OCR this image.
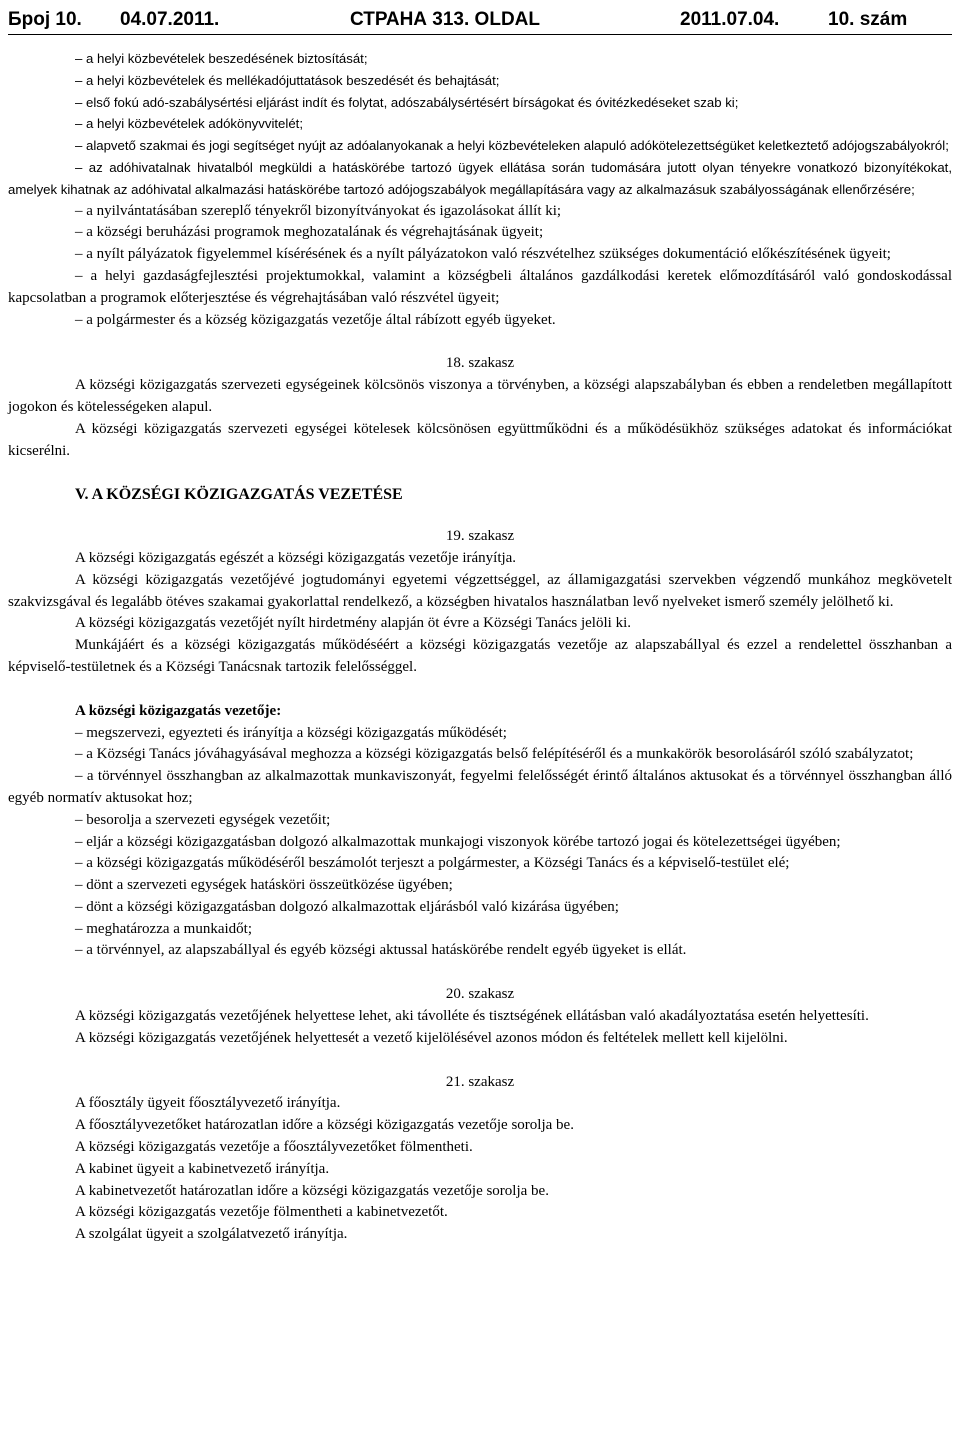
Број 10. 04.07.2011.	СТРАНА 313. OLDAL	2011.07.04.	10. szám

– a helyi közbevételek beszedésének biztosítását;

– a helyi közbevételek és mellékadójuttatások beszedését és behajtását;

– első fokú adó-szabálysértési eljárást indít és folytat, adószabálysértésért bírságokat és óvitézkedéseket szab ki;

– a helyi közbevételek adókönyvvitelét;

– alapvető szakmai és jogi segítséget nyújt az adóalanyokanak a helyi közbevételeken alapuló adókötelezettségüket keletkeztető adójogszabályokról;

– az adóhivatalnak hivatalból megküldi a hatáskörébe tartozó ügyek ellátása során tudomására jutott olyan tényekre vonatkozó bizonyítékokat, amelyek kihatnak az adóhivatal alkalmazási hatáskörébe tartozó adójogszabályok megállapítására vagy az alkalmazásuk szabályosságának ellenőrzésére;

– a nyilvántatásában szereplő tényekről bizonyítványokat és igazolásokat állít ki;

– a községi beruházási programok meghozatalának és végrehajtásának ügyeit;

– a nyílt pályázatok figyelemmel kísérésének és a nyílt pályázatokon való részvételhez szükséges dokumentáció előkészítésének ügyeit;

– a helyi gazdaságfejlesztési projektumokkal, valamint a községbeli általános gazdálkodási keretek előmozdításáról való gondoskodással kapcsolatban a programok előterjesztése és végrehajtásában való részvétel ügyeit;

– a polgármester és a község közigazgatás vezetője által rábízott egyéb ügyeket.

18. szakasz

A községi közigazgatás szervezeti egységeinek kölcsönös viszonya a törvényben, a községi alapszabályban és ebben a rendeletben megállapított jogokon és kötelességeken alapul.

A községi közigazgatás szervezeti egységei kötelesek kölcsönösen együttműködni és a működésükhöz szükséges adatokat és információkat kicserélni.

V. A KÖZSÉGI KÖZIGAZGATÁS VEZETÉSE

19. szakasz

A községi közigazgatás egészét a községi közigazgatás vezetője irányítja.

A községi közigazgatás vezetőjévé jogtudományi egyetemi végzettséggel, az államigazgatási szervekben végzendő munkához megkövetelt szakvizsgával és legalább ötéves szakamai gyakorlattal rendelkező, a községben hivatalos használatban levő nyelveket ismerő személy jelölhető ki.

A községi közigazgatás vezetőjét nyílt hirdetmény alapján öt évre a Községi Tanács jelöli ki.

Munkájáért és a községi közigazgatás működéséért a községi közigazgatás vezetője az alapszabállyal és ezzel a rendelettel összhanban a képviselő-testületnek és a Községi Tanácsnak tartozik felelősséggel.

A községi közigazgatás vezetője:

– megszervezi, egyezteti és irányítja a községi közigazgatás működését;

– a Községi Tanács jóváhagyásával meghozza a községi közigazgatás belső felépítéséről és a munkakörök besorolásáról szóló szabályzatot;

– a törvénnyel összhangban az alkalmazottak munkaviszonyát, fegyelmi felelősségét érintő általános aktusokat és a törvénnyel összhangban álló egyéb normatív aktusokat hoz;

– besorolja a szervezeti egységek vezetőit;

– eljár a községi közigazgatásban dolgozó alkalmazottak munkajogi viszonyok körébe tartozó jogai és kötelezettségei ügyében;

– a községi közigazgatás működéséről beszámolót terjeszt a polgármester, a Községi Tanács és a képviselő-testület elé;

– dönt a szervezeti egységek hatásköri összeütközése ügyében;

– dönt a községi közigazgatásban dolgozó alkalmazottak eljárásból való kizárása ügyében;

– meghatározza a munkaidőt;

– a törvénnyel, az alapszabállyal és egyéb községi aktussal hatáskörébe rendelt egyéb ügyeket is ellát.

20. szakasz

A községi közigazgatás vezetőjének helyettese lehet, aki távolléte és tisztségének ellátásban való akadályoztatása esetén helyettesíti.

A községi közigazgatás vezetőjének helyettesét a vezető kijelölésével azonos módon és feltételek mellett kell kijelölni.

21. szakasz

A főosztály ügyeit főosztályvezető irányítja.

A főosztályvezetőket határozatlan időre a községi közigazgatás vezetője sorolja be.

A községi közigazgatás vezetője a főosztályvezetőket fölmentheti.

A kabinet ügyeit a kabinetvezető irányítja.

A kabinetvezetőt határozatlan időre a községi közigazgatás vezetője sorolja be.

A községi közigazgatás vezetője fölmentheti a kabinetvezetőt.

A szolgálat ügyeit a szolgálatvezető irányítja.
